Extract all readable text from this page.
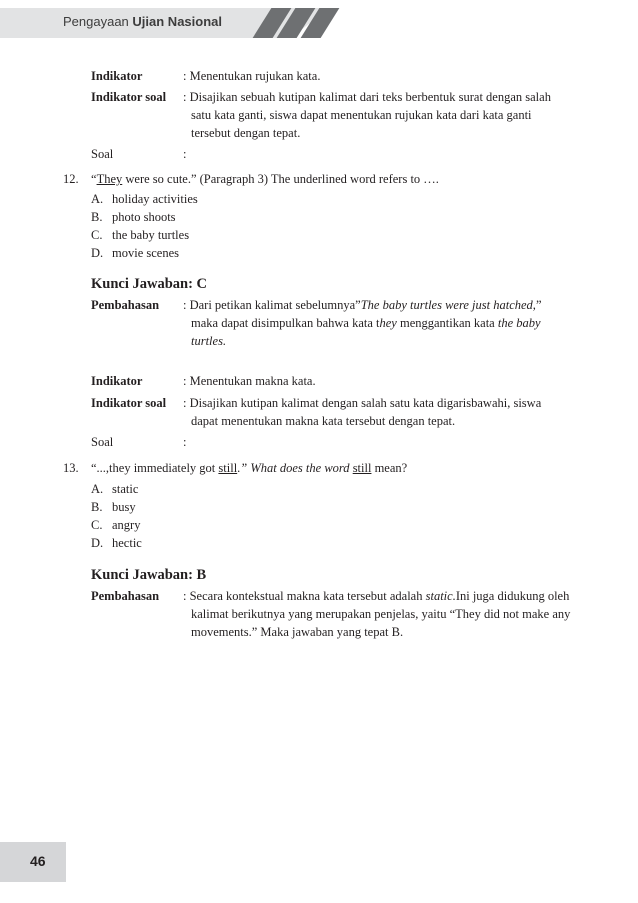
Pengayaan Ujian Nasional
Indikator	: Menentukan rujukan kata.
Indikator soal : Disajikan sebuah kutipan kalimat dari teks berbentuk surat dengan salah satu kata ganti, siswa dapat menentukan rujukan kata dari kata ganti tersebut dengan tepat.
Soal	:
12. “They were so cute.” (Paragraph 3) The underlined word refers to ….
A. holiday activities
B. photo shoots
C. the baby turtles
D. movie scenes
Kunci Jawaban: C
Pembahasan : Dari petikan kalimat sebelumnya”The baby turtles were just hatched,” maka dapat disimpulkan bahwa kata they menggantikan kata the baby turtles.
Indikator	: Menentukan makna kata.
Indikator soal : Disajikan kutipan kalimat dengan salah satu kata digarisbawahi, siswa dapat menentukan makna kata tersebut dengan tepat.
Soal	:
13. “...,they immediately got still.” What does the word still mean?
A. static
B. busy
C. angry
D. hectic
Kunci Jawaban: B
Pembahasan : Secara kontekstual makna kata tersebut adalah static.Ini juga didukung oleh kalimat berikutnya yang merupakan penjelas, yaitu “They did not make any movements.” Maka jawaban yang tepat B.
46
